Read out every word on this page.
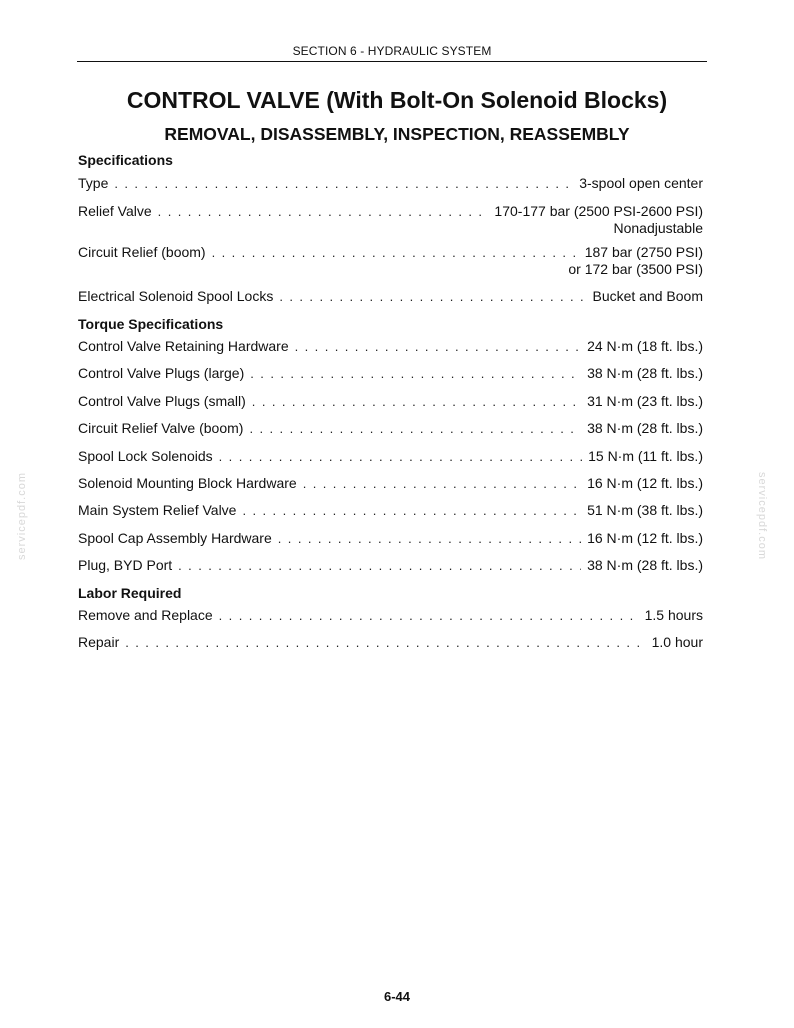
SECTION 6 - HYDRAULIC SYSTEM
CONTROL VALVE (With Bolt-On Solenoid Blocks)
REMOVAL, DISASSEMBLY, INSPECTION, REASSEMBLY
Specifications
Type . . .	3-spool open center
Relief Valve . . .	170-177 bar (2500 PSI-2600 PSI)
Nonadjustable
Circuit Relief (boom) . . .	187 bar (2750 PSI)
or 172 bar (3500 PSI)
Electrical Solenoid Spool Locks . . .	Bucket and Boom
Torque Specifications
Control Valve Retaining Hardware . . .	24 N·m (18 ft. lbs.)
Control Valve Plugs (large) . . .	38 N·m (28 ft. lbs.)
Control Valve Plugs (small) . . .	31 N·m (23 ft. lbs.)
Circuit Relief Valve (boom) . . .	38 N·m (28 ft. lbs.)
Spool Lock Solenoids . . .	15 N·m (11 ft. lbs.)
Solenoid Mounting Block Hardware . . .	16 N·m (12 ft. lbs.)
Main System Relief Valve . . .	51 N·m (38 ft. lbs.)
Spool Cap Assembly Hardware . . .	16 N·m (12 ft. lbs.)
Plug, BYD Port . . .	38 N·m (28 ft. lbs.)
Labor Required
Remove and Replace . . .	1.5 hours
Repair . . .	1.0 hour
servicepdf.com	servicepdf.com
6-44
